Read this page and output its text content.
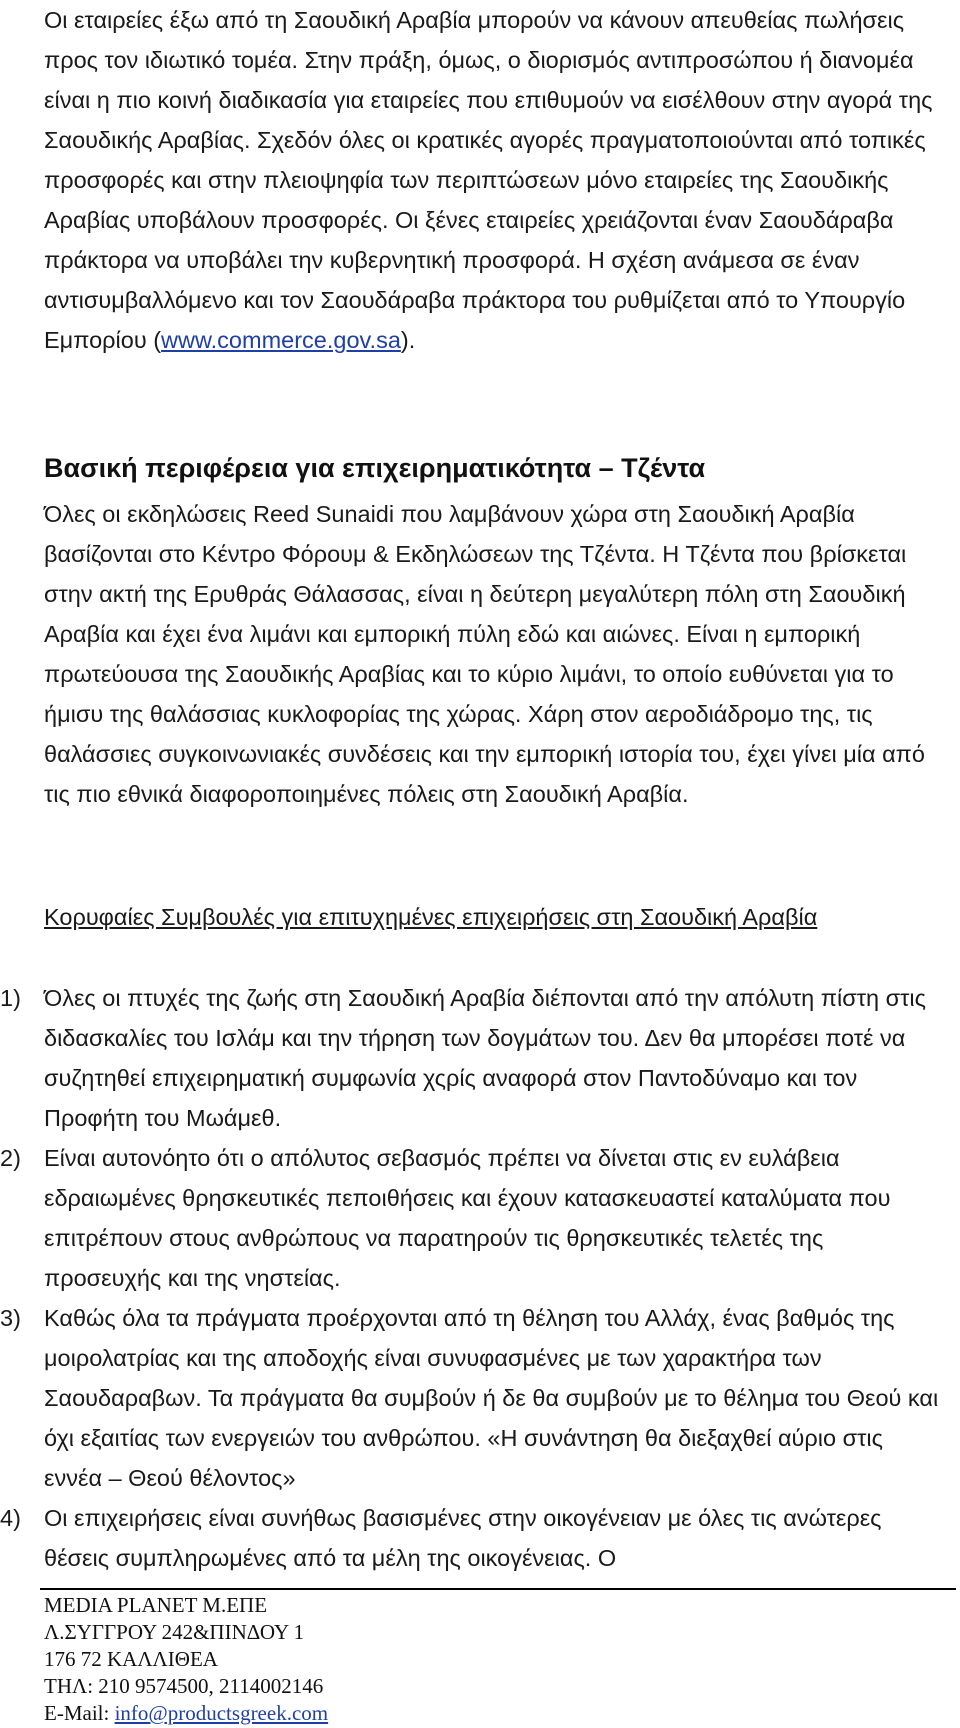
Οι εταιρείες έξω από τη Σαουδική Αραβία μπορούν να κάνουν απευθείας πωλήσεις προς τον ιδιωτικό τομέα. Στην πράξη, όμως, ο διορισμός αντιπροσώπου ή διανομέα είναι η πιο κοινή διαδικασία για εταιρείες που επιθυμούν να εισέλθουν στην αγορά της Σαουδικής Αραβίας. Σχεδόν όλες οι κρατικές αγορές πραγματοποιούνται από τοπικές προσφορές και στην πλειοψηφία των περιπτώσεων μόνο εταιρείες της Σαουδικής Αραβίας υποβάλουν προσφορές. Οι ξένες εταιρείες χρειάζονται έναν Σαουδάραβα πράκτορα να υποβάλει την κυβερνητική προσφορά. Η σχέση ανάμεσα σε έναν αντισυμβαλλόμενο και τον Σαουδάραβα πράκτορα του ρυθμίζεται από το Υπουργίο Εμπορίου (www.commerce.gov.sa).

Βασική περιφέρεια για επιχειρηματικότητα – Τζέντα

Όλες οι εκδηλώσεις Reed Sunaidi που λαμβάνουν χώρα στη Σαουδική Αραβία βασίζονται στο Κέντρο Φόρουμ & Εκδηλώσεων της Τζέντα. Η Τζέντα που βρίσκεται στην ακτή της Ερυθράς Θάλασσας, είναι η δεύτερη μεγαλύτερη πόλη στη Σαουδική Αραβία και έχει ένα λιμάνι και εμπορική πύλη εδώ και αιώνες. Είναι η εμπορική πρωτεύουσα της Σαουδικής Αραβίας και το κύριο λιμάνι, το οποίο ευθύνεται για το ήμισυ της θαλάσσιας κυκλοφορίας της χώρας. Χάρη στον αεροδιάδρομο της, τις θαλάσσιες συγκοινωνιακές συνδέσεις και την εμπορική ιστορία του, έχει γίνει μία από τις πιο εθνικά διαφοροποιημένες πόλεις στη Σαουδική Αραβία.

Κορυφαίες Συμβουλές για επιτυχημένες επιχειρήσεις στη Σαουδική Αραβία
1) Όλες οι πτυχές της ζωής στη Σαουδική Αραβία διέπονται από την απόλυτη πίστη στις διδασκαλίες του Ισλάμ και την τήρηση των δογμάτων του. Δεν θα μπορέσει ποτέ να συζητηθεί επιχειρηματική συμφωνία χςρίς αναφορά στον Παντοδύναμο και τον Προφήτη του Μωάμεθ.
2) Είναι αυτονόητο ότι ο απόλυτος σεβασμός πρέπει να δίνεται στις εν ευλάβεια εδραιωμένες θρησκευτικές πεποιθήσεις και έχουν κατασκευαστεί καταλύματα που επιτρέπουν στους ανθρώπους να παρατηρούν τις θρησκευτικές τελετές της προσευχής και της νηστείας.
3) Καθώς όλα τα πράγματα προέρχονται από τη θέληση του Αλλάχ, ένας βαθμός της μοιρολατρίας και της αποδοχής είναι συνυφασμένες με των χαρακτήρα των Σαουδαραβων. Τα πράγματα θα συμβούν ή δε θα συμβούν με το θέλημα του Θεού και όχι εξαιτίας των ενεργειών του ανθρώπου. «Η συνάντηση θα διεξαχθεί αύριο στις εννέα – Θεού θέλοντος»
4) Οι επιχειρήσεις είναι συνήθως βασισμένες στην οικογένειαν με όλες τις ανώτερες θέσεις συμπληρωμένες από τα μέλη της οικογένειας. Ο
MEDIA PLANET Μ.ΕΠΕ
Λ.ΣΥΓΓΡΟΥ 242&ΠΙΝΔΟΥ 1
176 72 ΚΑΛΛΙΘΕΑ
ΤΗΛ: 210 9574500, 2114002146
E-Mail: info@productsgreek.com
